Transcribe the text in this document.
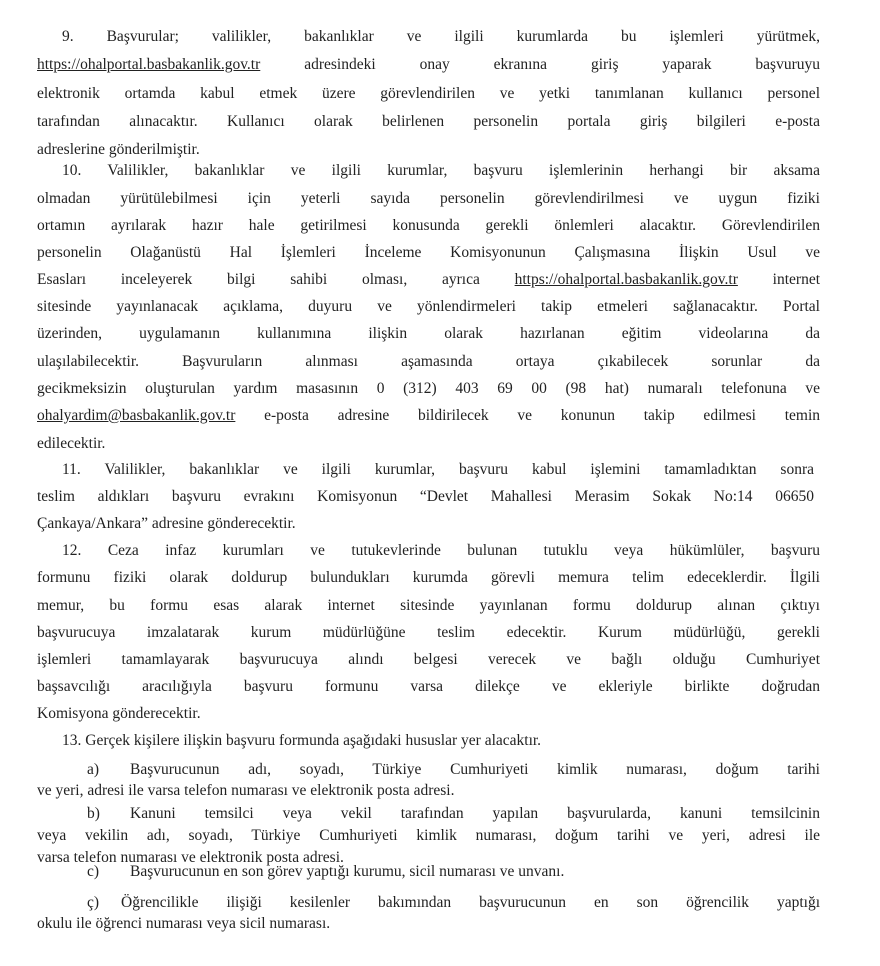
9. Başvurular; valilikler, bakanlıklar ve ilgili kurumlarda bu işlemleri yürütmek,
https://ohalportal.basbakanlik.gov.tr adresindeki onay ekranına giriş yaparak başvuruyu
elektronik ortamda kabul etmek üzere görevlendirilen ve yetki tanımlanan kullanıcı personel
tarafından alınacaktır. Kullanıcı olarak belirlenen personelin portala giriş bilgileri e-posta
adreslerine gönderilmiştir.
10. Valilikler, bakanlıklar ve ilgili kurumlar, başvuru işlemlerinin herhangi bir aksama
olmadan yürütülebilmesi için yeterli sayıda personelin görevlendirilmesi ve uygun fiziki
ortamın ayrılarak hazır hale getirilmesi konusunda gerekli önlemleri alacaktır. Görevlendirilen
personelin Olağanüstü Hal İşlemleri İnceleme Komisyonunun Çalışmasına İlişkin Usul ve
Esasları inceleyerek bilgi sahibi olması, ayrıca https://ohalportal.basbakanlik.gov.tr internet
sitesinde yayınlanacak açıklama, duyuru ve yönlendirmeleri takip etmeleri sağlanacaktır. Portal
üzerinden, uygulamanın kullanımına ilişkin olarak hazırlanan eğitim videolarına da
ulaşılabilecektir. Başvuruların alınması aşamasında ortaya çıkabilecek sorunlar da
gecikmeksizin oluşturulan yardım masasının 0 (312) 403 69 00 (98 hat) numaralı telefonuna ve
ohalyardim@basbakanlik.gov.tr e-posta adresine bildirilecek ve konunun takip edilmesi temin
edilecektir.
11. Valilikler, bakanlıklar ve ilgili kurumlar, başvuru kabul işlemini tamamladıktan sonra
teslim aldıkları başvuru evrakını Komisyonun “Devlet Mahallesi Merasim Sokak No:14 06650
Çankaya/Ankara” adresine gönderecektir.
12. Ceza infaz kurumları ve tutukevlerinde bulunan tutuklu veya hükümlüler, başvuru
formunu fiziki olarak doldurup bulundukları kurumda görevli memura telim edeceklerdir. İlgili
memur, bu formu esas alarak internet sitesinde yayınlanan formu doldurup alınan çıktıyı
başvurucuya imzalatarak kurum müdürlüğüne teslim edecektir. Kurum müdürlüğü, gerekli
işlemleri tamamlayarak başvurucuya alındı belgesi verecek ve bağlı olduğu Cumhuriyet
başsavcılığı aracılığıyla başvuru formunu varsa dilekçe ve ekleriyle birlikte doğrudan
Komisyona gönderecektir.
13. Gerçek kişilere ilişkin başvuru formunda aşağıdaki hususlar yer alacaktır.
a) Başvurucunun adı, soyadı, Türkiye Cumhuriyeti kimlik numarası, doğum tarihi
ve yeri, adresi ile varsa telefon numarası ve elektronik posta adresi.
b) Kanuni temsilci veya vekil tarafından yapılan başvurularda, kanuni temsilcinin
veya vekilin adı, soyadı, Türkiye Cumhuriyeti kimlik numarası, doğum tarihi ve yeri, adresi ile
varsa telefon numarası ve elektronik posta adresi.
c) Başvurucunun en son görev yaptığı kurumu, sicil numarası ve unvanı.
ç) Öğrencilikle ilişiği kesilenler bakımından başvurucunun en son öğrencilik yaptığı
okulu ile öğrenci numarası veya sicil numarası.
